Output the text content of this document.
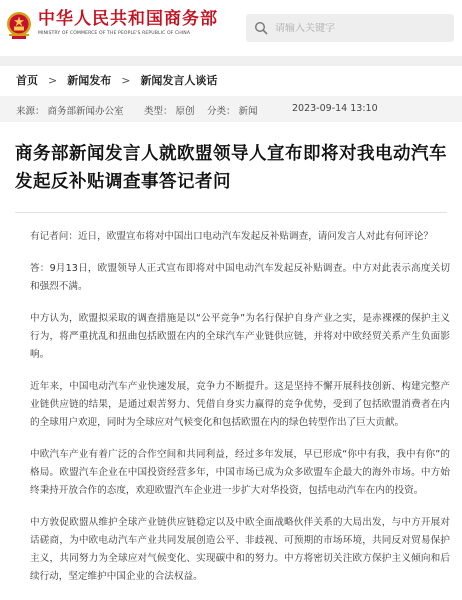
中华人民共和国商务部
MINISTRY OF COMMERCE OF THE PEOPLE'S REPUBLIC OF CHINA
请输入关键字
首页 > 新闻发布 > 新闻发言人谈话
来源： 商务部新闻办公室 类型： 原创 分类： 新闻	2023-09-14 13:10
商务部新闻发言人就欧盟领导人宣布即将对我电动汽车发起反补贴调查事答记者问

有记者问：近日，欧盟宣布将对中国出口电动汽车发起反补贴调查，请问发言人对此有何评论？

答：9月13日，欧盟领导人正式宣布即将对中国电动汽车发起反补贴调查。中方对此表示高度关切和强烈不满。

中方认为，欧盟拟采取的调查措施是以“公平竞争”为名行保护自身产业之实，是赤裸裸的保护主义行为，将严重扰乱和扭曲包括欧盟在内的全球汽车产业链供应链，并将对中欧经贸关系产生负面影响。

近年来，中国电动汽车产业快速发展，竞争力不断提升。这是坚持不懈开展科技创新、构建完整产业链供应链的结果，是通过艰苦努力、凭借自身实力赢得的竞争优势，受到了包括欧盟消费者在内的全球用户欢迎，同时为全球应对气候变化和包括欧盟在内的绿色转型作出了巨大贡献。

中欧汽车产业有着广泛的合作空间和共同利益，经过多年发展，早已形成“你中有我，我中有你”的格局。欧盟汽车企业在中国投资经营多年，中国市场已成为众多欧盟车企最大的海外市场。中方始终秉持开放合作的态度，欢迎欧盟汽车企业进一步扩大对华投资，包括电动汽车在内的投资。

中方敦促欧盟从维护全球产业链供应链稳定以及中欧全面战略伙伴关系的大局出发，与中方开展对话磋商，为中欧电动汽车产业共同发展创造公平、非歧视、可预期的市场环境，共同反对贸易保护主义，共同努力为全球应对气候变化、实现碳中和的努力。中方将密切关注欧方保护主义倾向和后续行动，坚定维护中国企业的合法权益。
